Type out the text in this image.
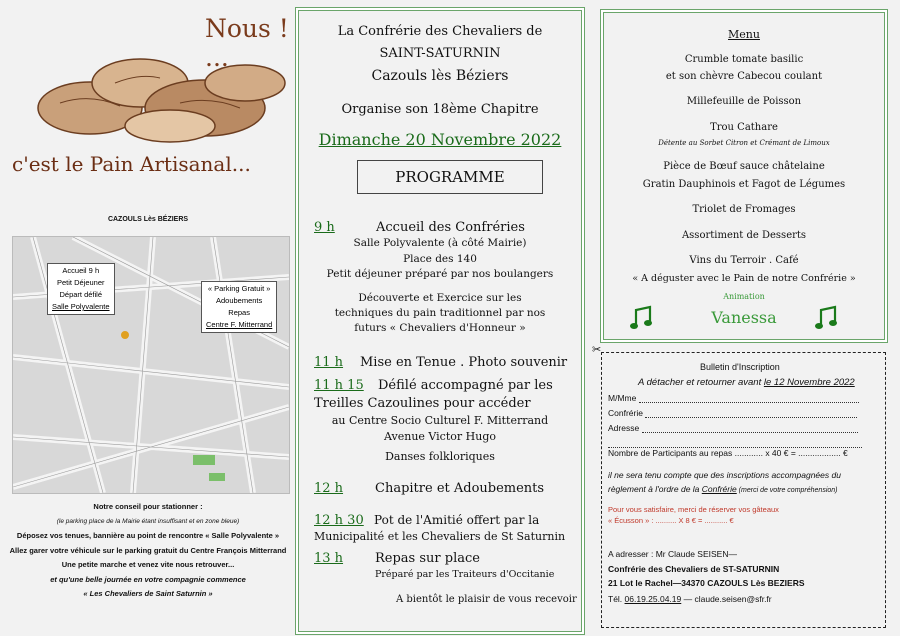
Nous ! ...
c'est le Pain Artisanal...
CAZOULS Lès BÉZIERS
Accueil 9 h
Petit Déjeuner
Départ défilé
Salle Polyvalente
« Parking Gratuit »
Adoubements
Repas
Centre F. Mitterrand
Notre conseil pour stationner :
(le parking place de la Mairie étant insuffisant et en zone bleue)
Déposez vos tenues, bannière au point de rencontre « Salle Polyvalente »
Allez garer votre véhicule sur le parking gratuit du Centre François Mitterrand
Une petite marche et venez vite nous retrouver...
et qu'une belle journée en votre compagnie commence
« Les Chevaliers de Saint Saturnin »
La Confrérie des Chevaliers de
SAINT-SATURNIN
Cazouls lès Béziers
Organise son 18ème Chapitre
Dimanche 20 Novembre 2022
PROGRAMME
9 h	Accueil des Confréries
Salle Polyvalente (à côté Mairie)
Place des 140
Petit déjeuner préparé par nos boulangers
Découverte et Exercice sur les
techniques du pain traditionnel par nos
futurs « Chevaliers d'Honneur »
11 h Mise en Tenue . Photo souvenir
11 h 15 Défilé accompagné par les
Treilles Cazoulines pour accéder
au Centre Socio Culturel F. Mitterrand
Avenue Victor Hugo
Danses folkloriques
12 h Chapitre et Adoubements
12 h 30 Pot de l'Amitié offert par la
Municipalité et les Chevaliers de St Saturnin
13 h Repas sur place
Préparé par les Traiteurs d'Occitanie
A bientôt le plaisir de vous recevoir
Menu
Crumble tomate basilic
et son chèvre Cabecou coulant
Millefeuille de Poisson
Trou Cathare
Détente au Sorbet Citron et Crémant de Limoux
Pièce de Bœuf sauce châtelaine
Gratin Dauphinois et Fagot de Légumes
Triolet de Fromages
Assortiment de Desserts
Vins du Terroir . Café
« A déguster avec le Pain de notre Confrérie »
Animation
Vanessa
✂
Bulletin d'Inscription
A détacher et retourner avant le 12 Novembre 2022
M/Mme
Confrérie
Adresse
Nombre de Participants au repas ............ x 40 € = .................. €
il ne sera tenu compte que des inscriptions accompagnées du
règlement à l'ordre de la Confrérie (merci de votre compréhension)
Pour vous satisfaire, merci de réserver vos gâteaux
« Écusson » : .......... X 8 € = ........... €
A adresser : Mr Claude SEISEN—
Confrérie des Chevaliers de ST-SATURNIN
21 Lot le Rachel—34370 CAZOULS Lès BEZIERS
Tél. 06.19.25.04.19 — claude.seisen@sfr.fr
